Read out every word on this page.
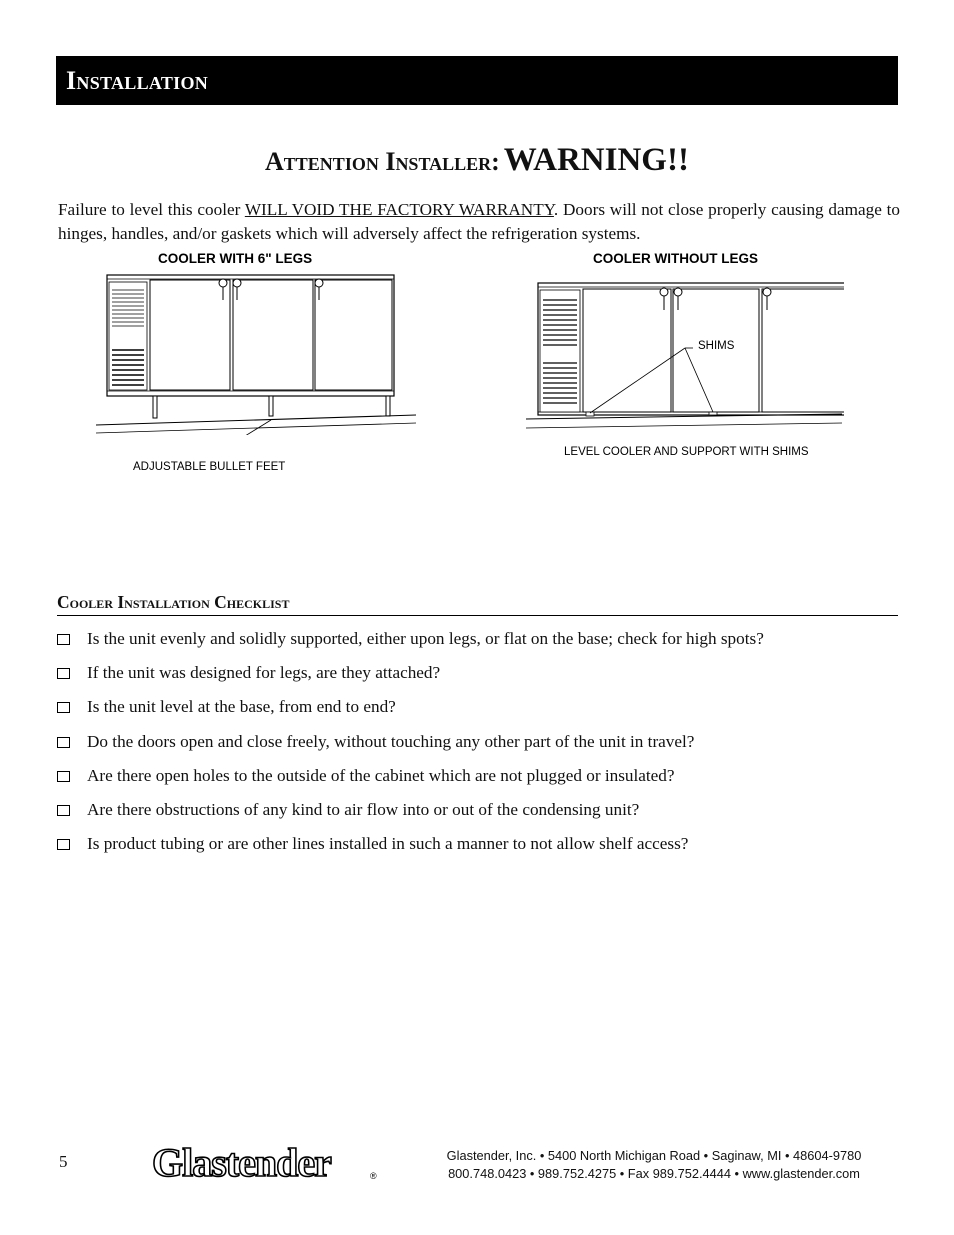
Installation
Attention Installer: WARNING!!

Failure to level this cooler WILL VOID THE FACTORY WARRANTY. Doors will not close properly causing damage to hinges, handles, and/or gaskets which will adversely affect the refrigeration systems.

COOLER WITH 6" LEGS
ADJUSTABLE BULLET FEET
COOLER WITHOUT LEGS
SHIMS
LEVEL COOLER AND SUPPORT WITH SHIMS
Cooler Installation Checklist
Is the unit evenly and solidly supported, either upon legs, or flat on the base; check for high spots?
If the unit was designed for legs, are they attached?
Is the unit level at the base, from end to end?
Do the doors open and close freely, without touching any other part of the unit in travel?
Are there open holes to the outside of the cabinet which are not plugged or insulated?
Are there obstructions of any kind to air flow into or out of the condensing unit?
Is product tubing or are other lines installed in such a manner to not allow shelf access?
5 Glastender	®
Glastender, Inc. • 5400 North Michigan Road • Saginaw, MI • 48604-9780
800.748.0423 • 989.752.4275 • Fax 989.752.4444 • www.glastender.com
